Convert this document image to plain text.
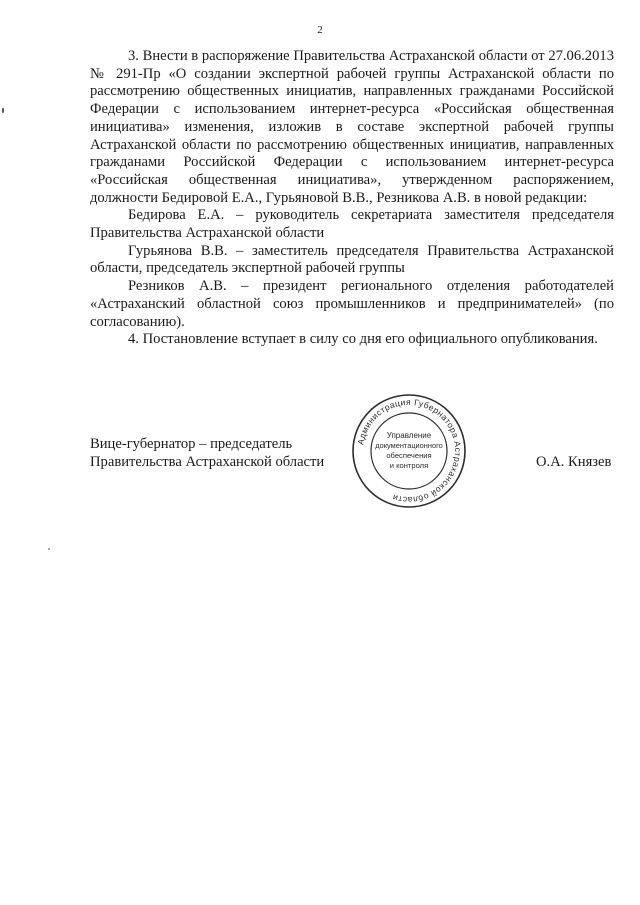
2

3. Внести в распоряжение Правительства Астраханской области от 27.06.2013 № 291-Пр «О создании экспертной рабочей группы Астраханской области по рассмотрению общественных инициатив, направленных гражданами Российской Федерации с использованием интернет-ресурса «Российская общественная инициатива» изменения, изложив в составе экспертной рабочей группы Астраханской области по рассмотрению общественных инициатив, направленных гражданами Российской Федерации с использованием интернет-ресурса «Российская общественная инициатива», утвержденном распоряжением, должности Бедировой Е.А., Гурьяновой В.В., Резникова А.В. в новой редакции:

Бедирова Е.А. – руководитель секретариата заместителя председателя Правительства Астраханской области

Гурьянова В.В. – заместитель председателя Правительства Астраханской области, председатель экспертной рабочей группы

Резников А.В. – президент регионального отделения работодателей «Астраханский областной союз промышленников и предпринимателей» (по согласованию).

4. Постановление вступает в силу со дня его официального опубликования.

Вице-губернатор – председатель
Правительства Астраханской области
Администрация Губернатора Астраханской области
Управление
документационного
обеспечения
и контроля	О.А. Князев
